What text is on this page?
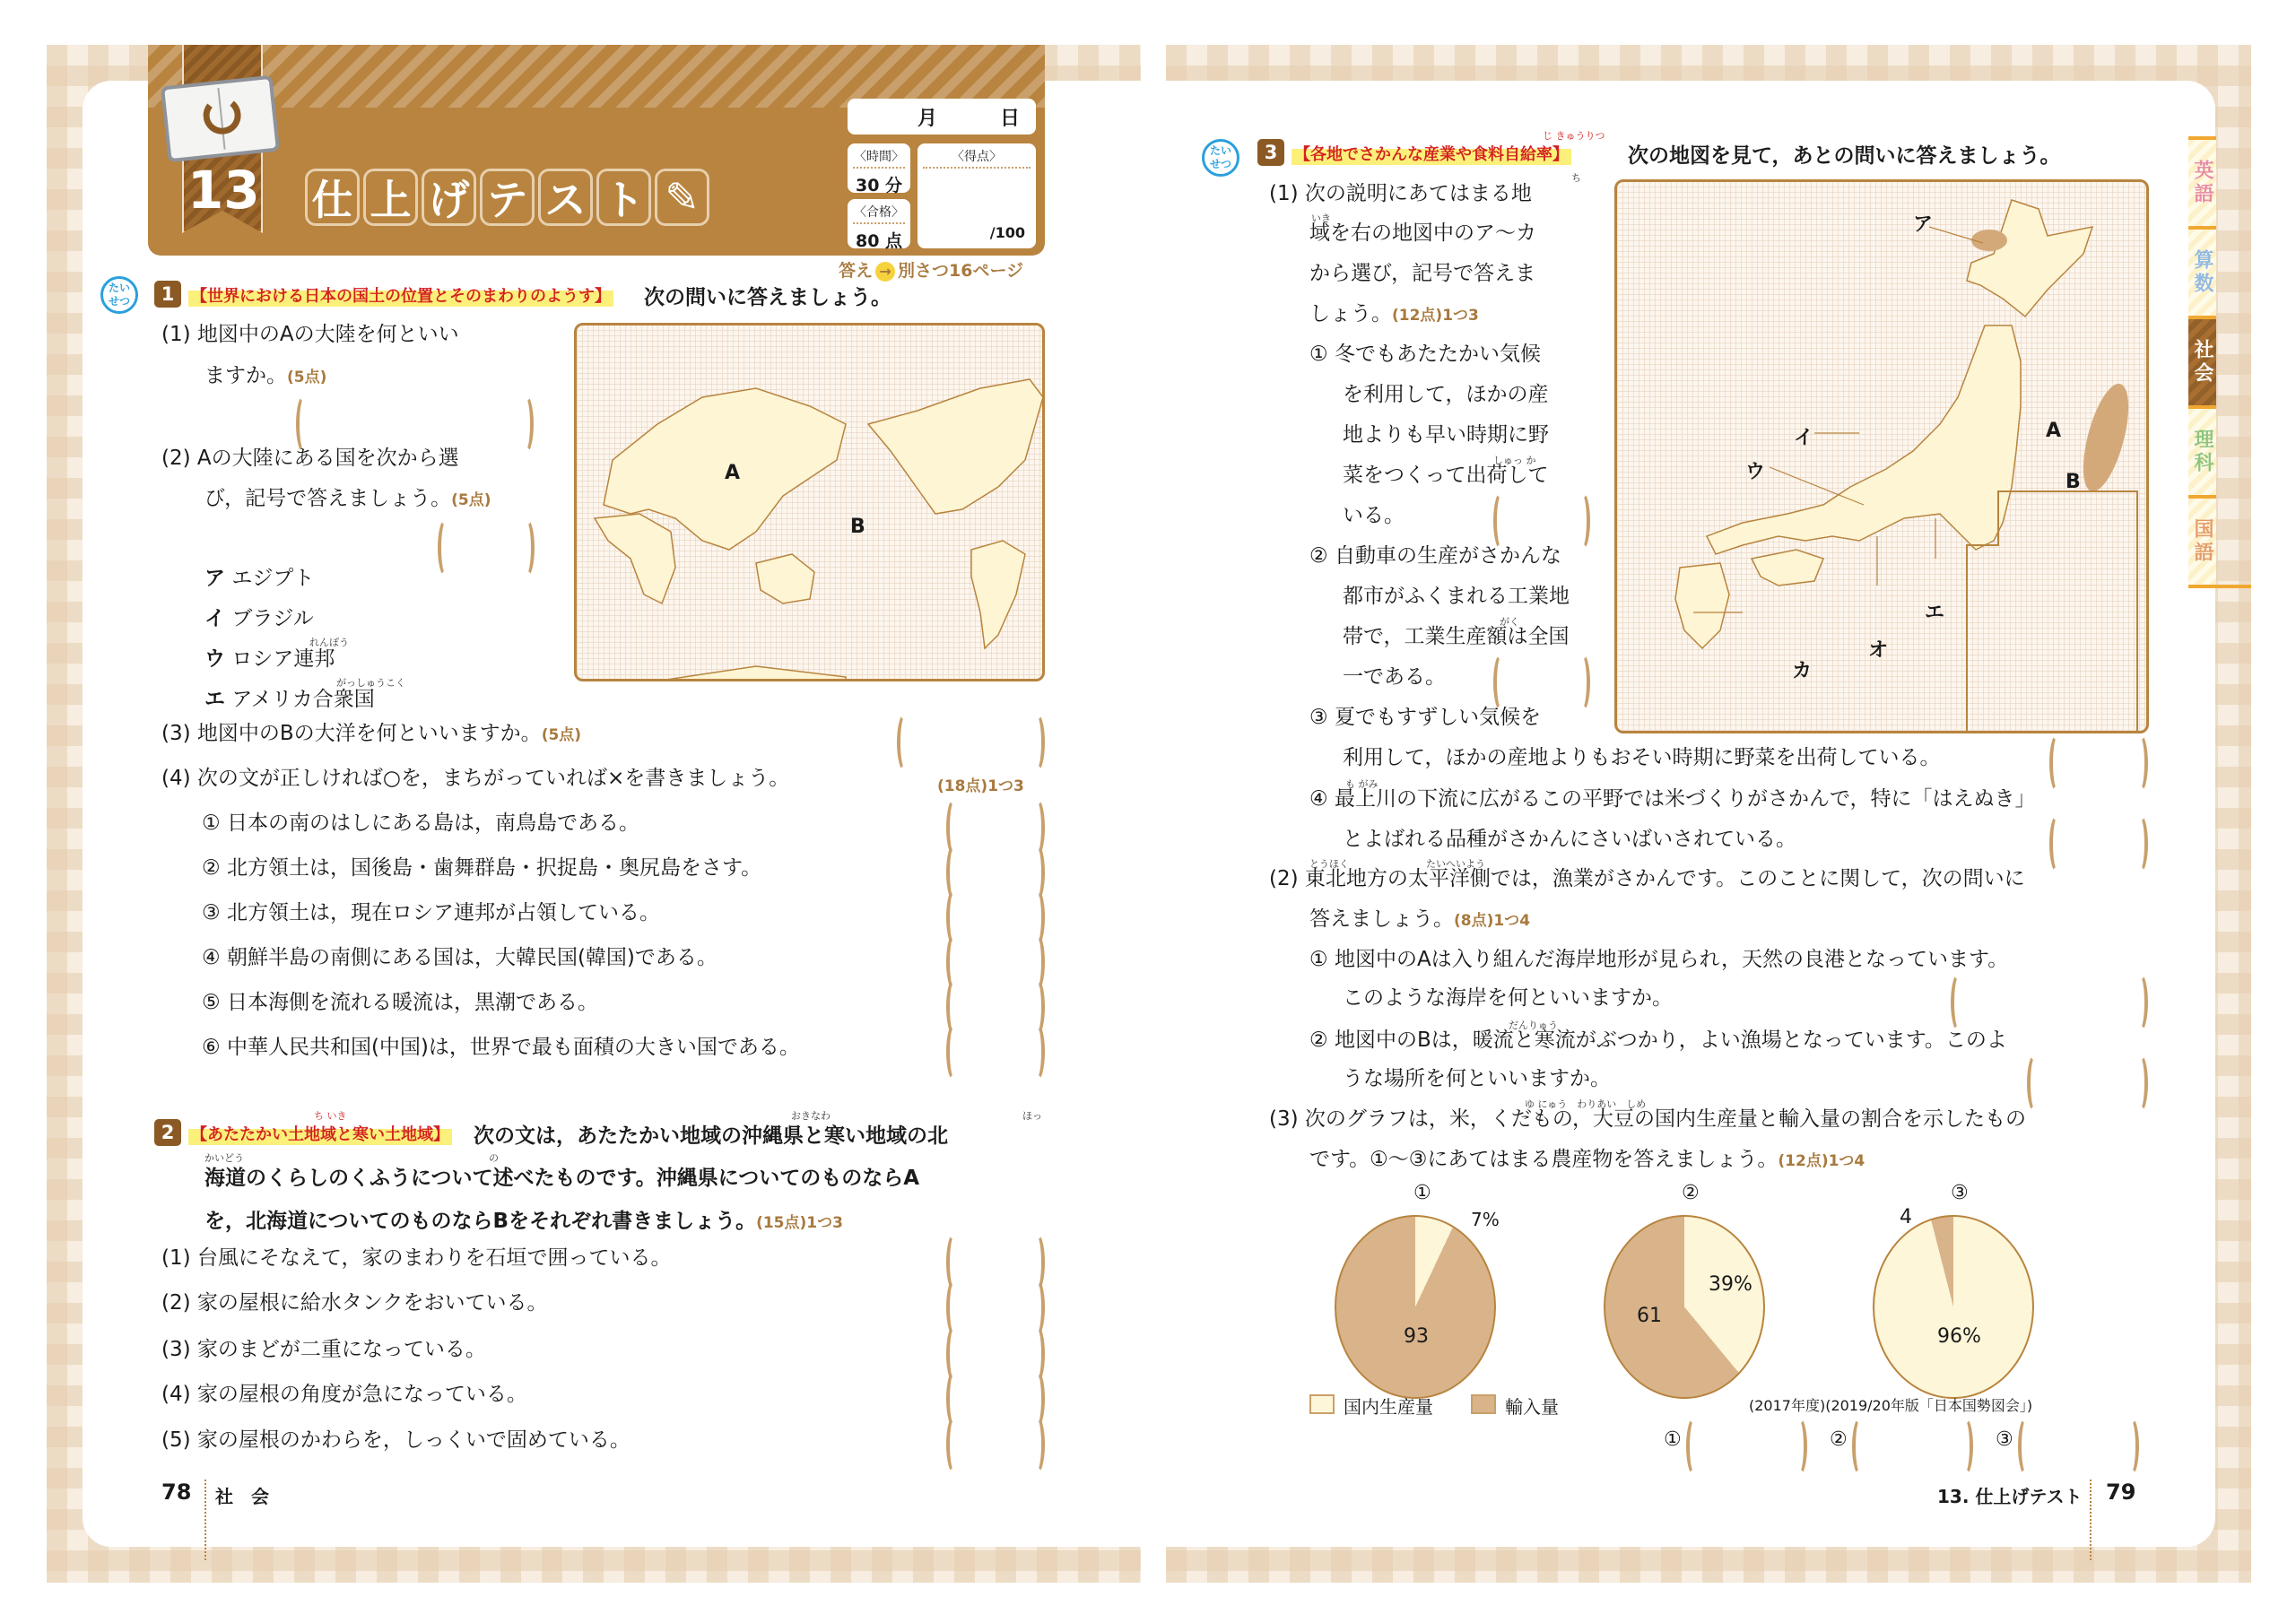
13 仕 上 げ テ ス ト ✎
月	日
〈時間〉
30 分
〈合格〉
80 点
〈得点〉
/100
答え → 別さつ16ページ
たい せつ	1	【世界における日本の国土の位置とそのまわりのようす】 次の問いに答えましょう。
(1) 地図中のAの大陸を何といい
ますか。(5点)
(2) Aの大陸にある国を次から選
び，記号で答えましょう。(5点)
ア エジプト
イ ブラジル
れんぽう
ウ ロシア連邦
がっしゅうこく
エ アメリカ合衆国
A
B
(3) 地図中のBの大洋を何といいますか。(5点)
(4) 次の文が正しければ○を，まちがっていれば×を書きましょう。	(18点)1つ3
① 日本の南のはしにある島は，南鳥島である。
② 北方領土は，国後島・歯舞群島・択捉島・奥尻島をさす。
③ 北方領土は，現在ロシア連邦が占領している。
④ 朝鮮半島の南側にある国は，大韓民国(韓国)である。
⑤ 日本海側を流れる暖流は，黒潮である。
⑥ 中華人民共和国(中国)は，世界で最も面積の大きい国である。
2
ち いき
【あたたかい土地域と寒い土地域】 次の文は，あたたかい地域の沖縄県と寒い地域の北
おきなわ	ほっ
かいどう	の
海道のくらしのくふうについて述べたものです。沖縄県についてのものならA
を，北海道についてのものならBをそれぞれ書きましょう。(15点)1つ3
(1) 台風にそなえて，家のまわりを石垣で囲っている。
(2) 家の屋根に給水タンクをおいている。
(3) 家のまどが二重になっている。
(4) 家の屋根の角度が急になっている。
(5) 家の屋根のかわらを，しっくいで固めている。
78 社　会
たい せつ
3
じ きゅうりつ
【各地でさかんな産業や食料自給率】	次の地図を見て，あとの問いに答えましょう。
ち
(1) 次の説明にあてはまる地
いき
域を右の地図中のア～カ
から選び，記号で答えま
しょう。(12点)1つ3
① 冬でもあたたかい気候
を利用して，ほかの産
地よりも早い時期に野
しゅっ か
菜をつくって出荷して
いる。
② 自動車の生産がさかんな
都市がふくまれる工業地
がく
帯で，工業生産額は全国
一である。
③ 夏でもすずしい気候を
利用して，ほかの産地よりもおそい時期に野菜を出荷している。
も がみ
④ 最上川の下流に広がるこの平野では米づくりがさかんで，特に「はえぬき」
とよばれる品種がさかんにさいばいされている。
ア
イ
ウ
エ
オ
カ
A
B
とうほく	たいへいよう
(2) 東北地方の太平洋側では，漁業がさかんです。このことに関して，次の問いに
答えましょう。(8点)1つ4
① 地図中のAは入り組んだ海岸地形が見られ，天然の良港となっています。
このような海岸を何といいますか。
だんりゅう
② 地図中のBは，暖流と寒流がぶつかり，よい漁場となっています。このよ
うな場所を何といいますか。
ゆ にゅう　わりあい　しめ
(3) 次のグラフは，米，くだもの，大豆の国内生産量と輸入量の割合を示したもの
です。①～③にあてはまる農産物を答えましょう。(12点)1つ4
①
7%
93
②
39%
61
③
4
96%
国内生産量	輸入量	(2017年度)(2019/20年版「日本国勢図会」)
①	②	③
13. 仕上げテスト 79
英語
算数
社会
理科
国語
